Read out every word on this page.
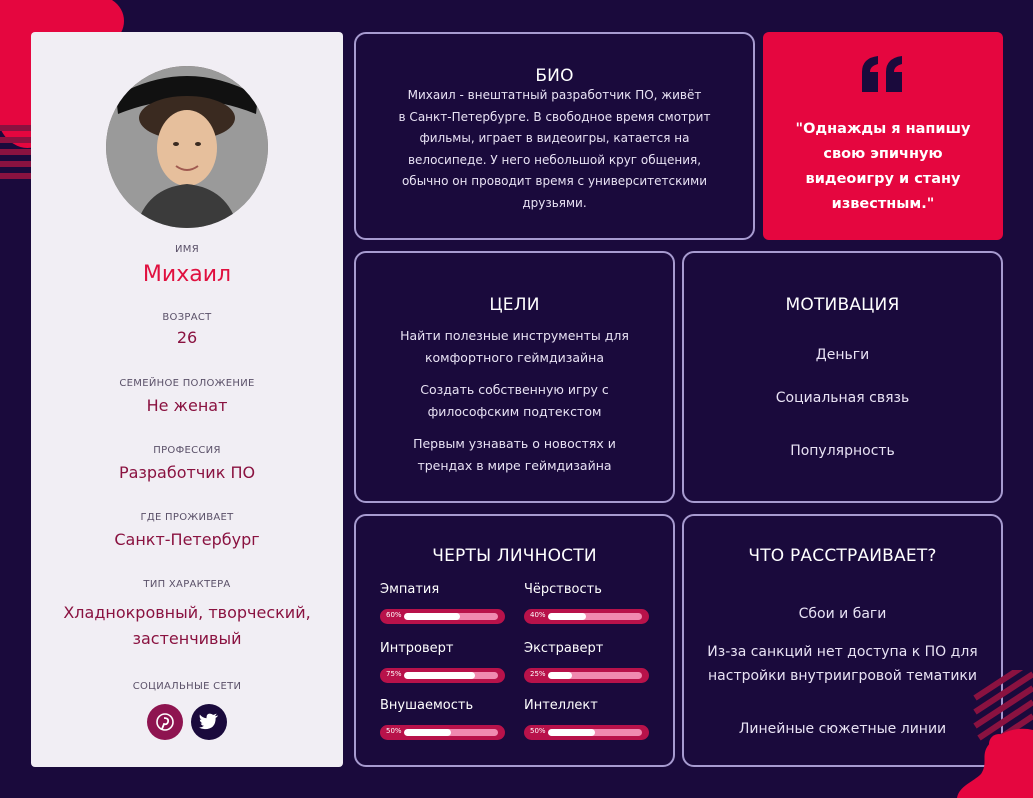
ИМЯ
Михаил
ВОЗРАСТ
26
СЕМЕЙНОЕ ПОЛОЖЕНИЕ
Не женат
ПРОФЕССИЯ
Разработчик ПО
ГДЕ ПРОЖИВАЕТ
Санкт-Петербург
ТИП ХАРАКТЕРА
Хладнокровный, творческий,
застенчивый
СОЦИАЛЬНЫЕ СЕТИ
БИО
Михаил - внештатный разработчик ПО, живёт
в Санкт-Петербурге. В свободное время смотрит
фильмы, играет в видеоигры, катается на
велосипеде. У него небольшой круг общения,
обычно он проводит время с университетскими
друзьями.
"Однажды я напишу
свою эпичную
видеоигру и стану
известным."
ЦЕЛИ
Найти полезные инструменты для
комфортного геймдизайна
Создать собственную игру с
философским подтекстом
Первым узнавать о новостях и
трендах в мире геймдизайна
МОТИВАЦИЯ
Деньги
Социальная связь
Популярность
ЧЕРТЫ ЛИЧНОСТИ
Эмпатия
60%
Чёрствость
40%
Интроверт
75%
Экстраверт
25%
Внушаемость
50%
Интеллект
50%
ЧТО РАССТРАИВАЕТ?
Сбои и баги
Из-за санкций нет доступа к ПО для
настройки внутриигровой тематики
Линейные сюжетные линии
